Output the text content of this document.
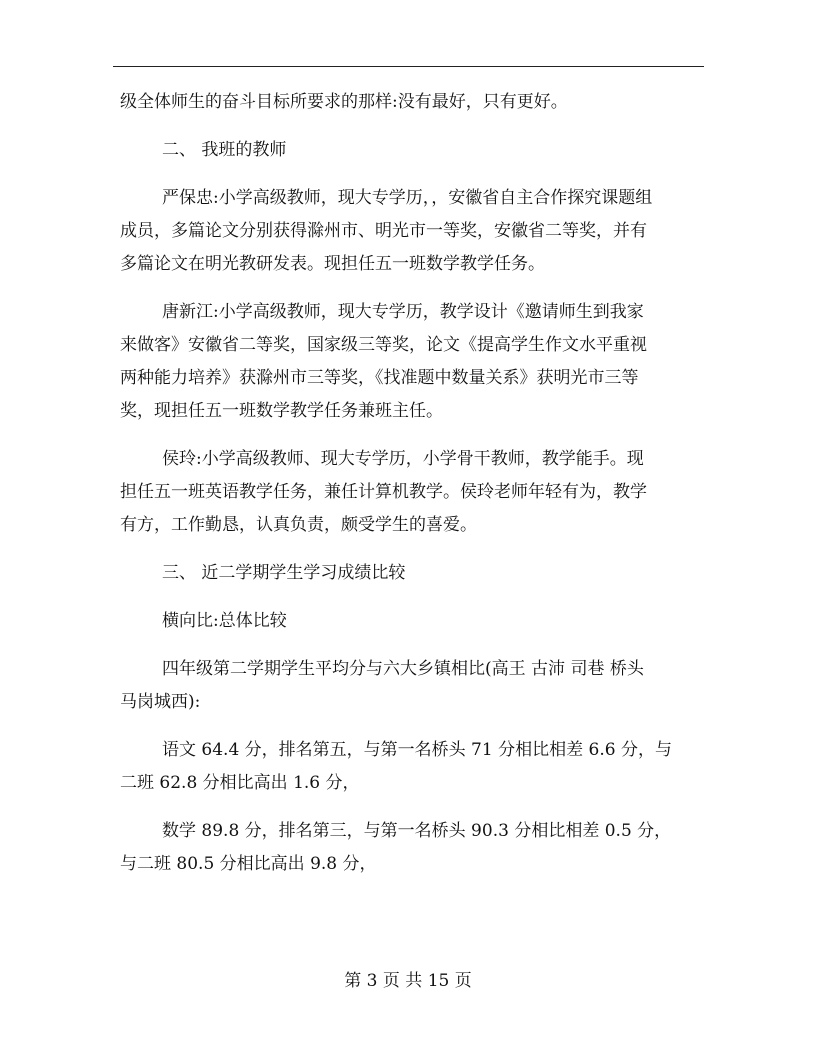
级全体师生的奋斗目标所要求的那样:没有最好，只有更好。
二、 我班的教师
严保忠:小学高级教师，现大专学历，，安徽省自主合作探究课题组
成员，多篇论文分别获得滁州市、明光市一等奖，安徽省二等奖，并有
多篇论文在明光教研发表。现担任五一班数学教学任务。
唐新江:小学高级教师，现大专学历，教学设计《邀请师生到我家
来做客》安徽省二等奖，国家级三等奖，论文《提高学生作文水平重视
两种能力培养》获滁州市三等奖，《找准题中数量关系》获明光市三等
奖，现担任五一班数学教学任务兼班主任。
侯玲:小学高级教师、现大专学历，小学骨干教师，教学能手。现
担任五一班英语教学任务，兼任计算机教学。侯玲老师年轻有为，教学
有方，工作勤恳，认真负责，颇受学生的喜爱。
三、 近二学期学生学习成绩比较
横向比:总体比较
四年级第二学期学生平均分与六大乡镇相比(高王 古沛 司巷 桥头
马岗城西):
语文 64.4 分，排名第五，与第一名桥头 71 分相比相差 6.6 分，与
二班 62.8 分相比高出 1.6 分，
数学 89.8 分，排名第三，与第一名桥头 90.3 分相比相差 0.5 分，
与二班 80.5 分相比高出 9.8 分，
第 3 页 共 15 页
